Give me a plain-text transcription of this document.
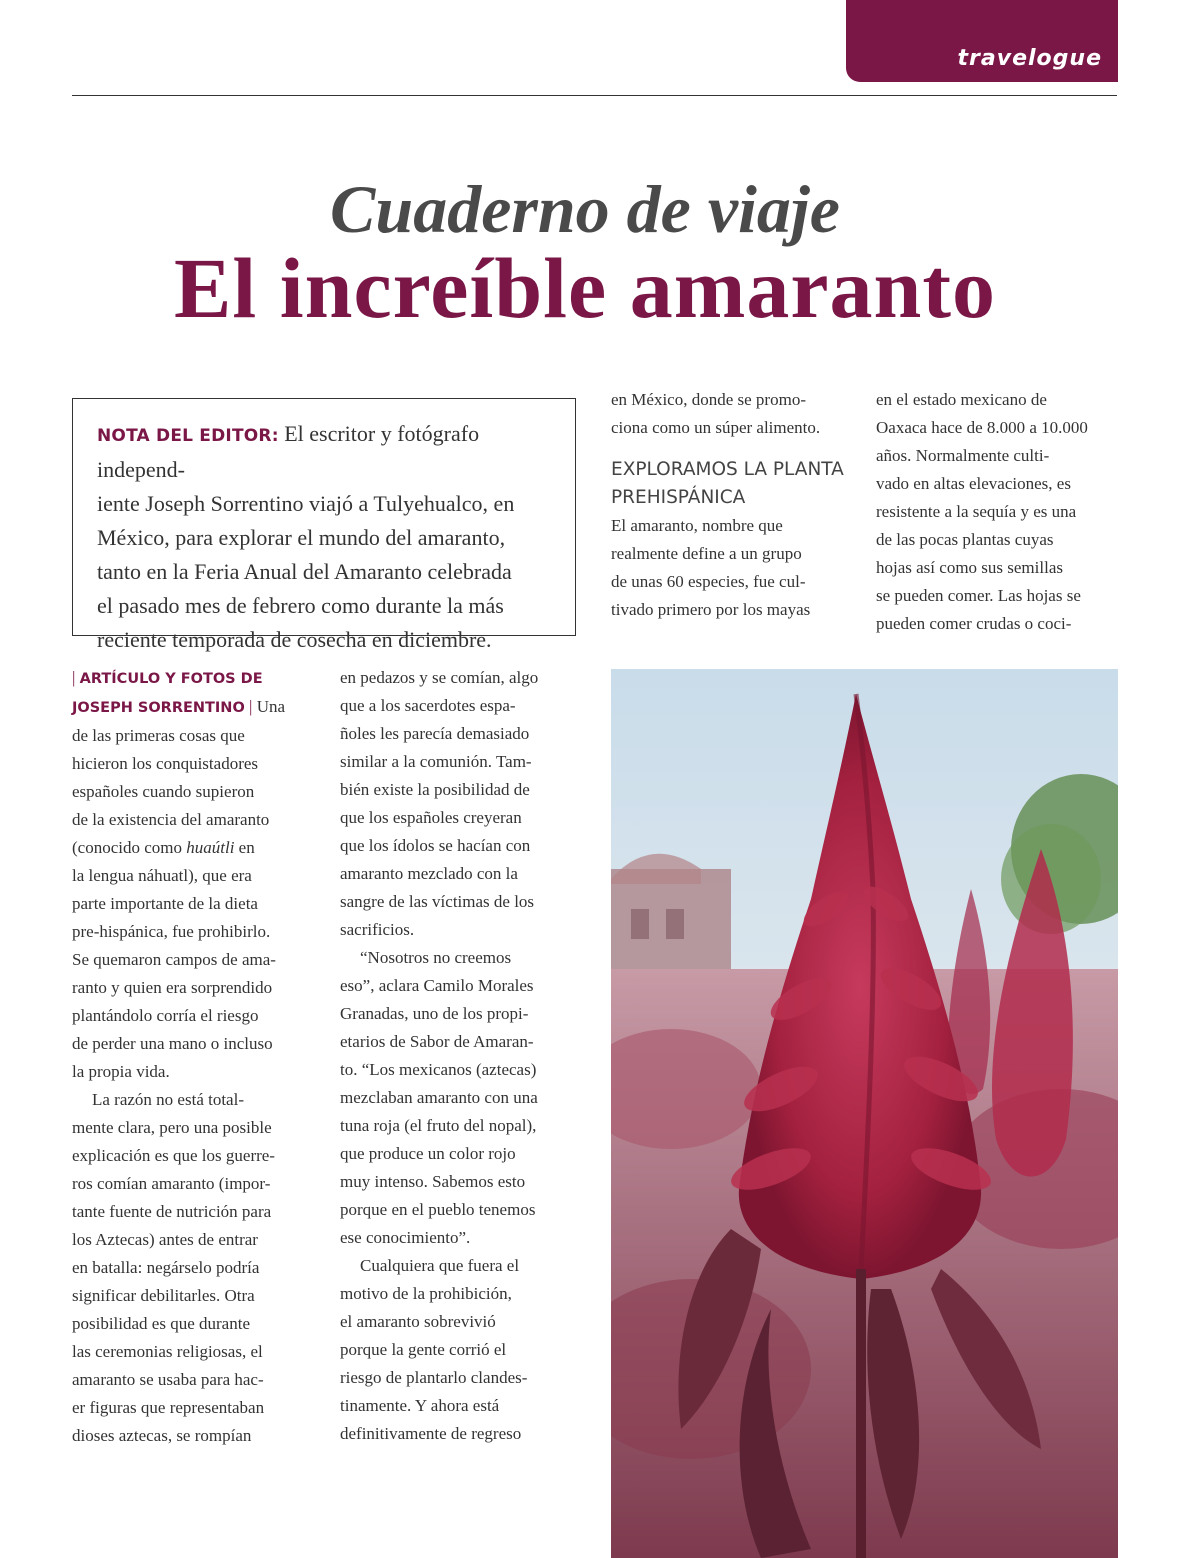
travelogue
Cuaderno de viaje
El increíble amaranto
NOTA DEL EDITOR: El escritor y fotógrafo independ-
iente Joseph Sorrentino viajó a Tulyehualco, en
México, para explorar el mundo del amaranto,
tanto en la Feria Anual del Amaranto celebrada
el pasado mes de febrero como durante la más
reciente temporada de cosecha en diciembre.
| ARTÍCULO Y FOTOS DE
JOSEPH SORRENTINO | Una
de las primeras cosas que
hicieron los conquistadores
españoles cuando supieron
de la existencia del amaranto
(conocido como huaútli en
la lengua náhuatl), que era
parte importante de la dieta
pre-hispánica, fue prohibirlo.
Se quemaron campos de ama-
ranto y quien era sorprendido
plantándolo corría el riesgo
de perder una mano o incluso
la propia vida.
La razón no está total-
mente clara, pero una posible
explicación es que los guerre-
ros comían amaranto (impor-
tante fuente de nutrición para
los Aztecas) antes de entrar
en batalla: negárselo podría
significar debilitarles. Otra
posibilidad es que durante
las ceremonias religiosas, el
amaranto se usaba para hac-
er figuras que representaban
dioses aztecas, se rompían
en pedazos y se comían, algo
que a los sacerdotes espa-
ñoles les parecía demasiado
similar a la comunión. Tam-
bién existe la posibilidad de
que los españoles creyeran
que los ídolos se hacían con
amaranto mezclado con la
sangre de las víctimas de los
sacrificios.
“Nosotros no creemos
eso”, aclara Camilo Morales
Granadas, uno de los propi-
etarios de Sabor de Amaran-
to. “Los mexicanos (aztecas)
mezclaban amaranto con una
tuna roja (el fruto del nopal),
que produce un color rojo
muy intenso. Sabemos esto
porque en el pueblo tenemos
ese conocimiento”.
Cualquiera que fuera el
motivo de la prohibición,
el amaranto sobrevivió
porque la gente corrió el
riesgo de plantarlo clandes-
tinamente. Y ahora está
definitivamente de regreso
en México, donde se promo-
ciona como un súper alimento.
EXPLORAMOS LA PLANTA
PREHISPÁNICA
El amaranto, nombre que
realmente define a un grupo
de unas 60 especies, fue cul-
tivado primero por los mayas
en el estado mexicano de
Oaxaca hace de 8.000 a 10.000
años. Normalmente culti-
vado en altas elevaciones, es
resistente a la sequía y es una
de las pocas plantas cuyas
hojas así como sus semillas
se pueden comer. Las hojas se
pueden comer crudas o coci-
